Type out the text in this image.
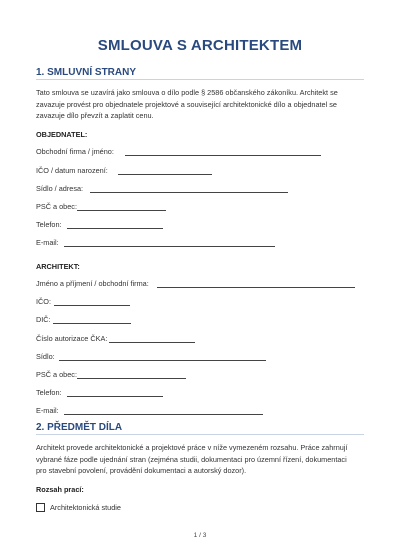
SMLOUVA S ARCHITEKTEM
1. SMLUVNÍ STRANY
Tato smlouva se uzavírá jako smlouva o dílo podle § 2586 občanského zákoníku. Architekt se
zavazuje provést pro objednatele projektové a související architektonické dílo a objednatel se
zavazuje dílo převzít a zaplatit cenu.
OBJEDNATEL:
Obchodní firma / jméno:
IČO / datum narození:
Sídlo / adresa:
PSČ a obec:
Telefon:
E-mail:
ARCHITEKT:
Jméno a příjmení / obchodní firma:
IČO:
DIČ:
Číslo autorizace ČKA:
Sídlo:
PSČ a obec:
Telefon:
E-mail:
2. PŘEDMĚT DÍLA
Architekt provede architektonické a projektové práce v níže vymezeném rozsahu. Práce zahrnují
vybrané fáze podle ujednání stran (zejména studii, dokumentaci pro územní řízení, dokumentaci
pro stavební povolení, provádění dokumentaci a autorský dozor).
Rozsah prací:
Architektonická studie
1 / 3
